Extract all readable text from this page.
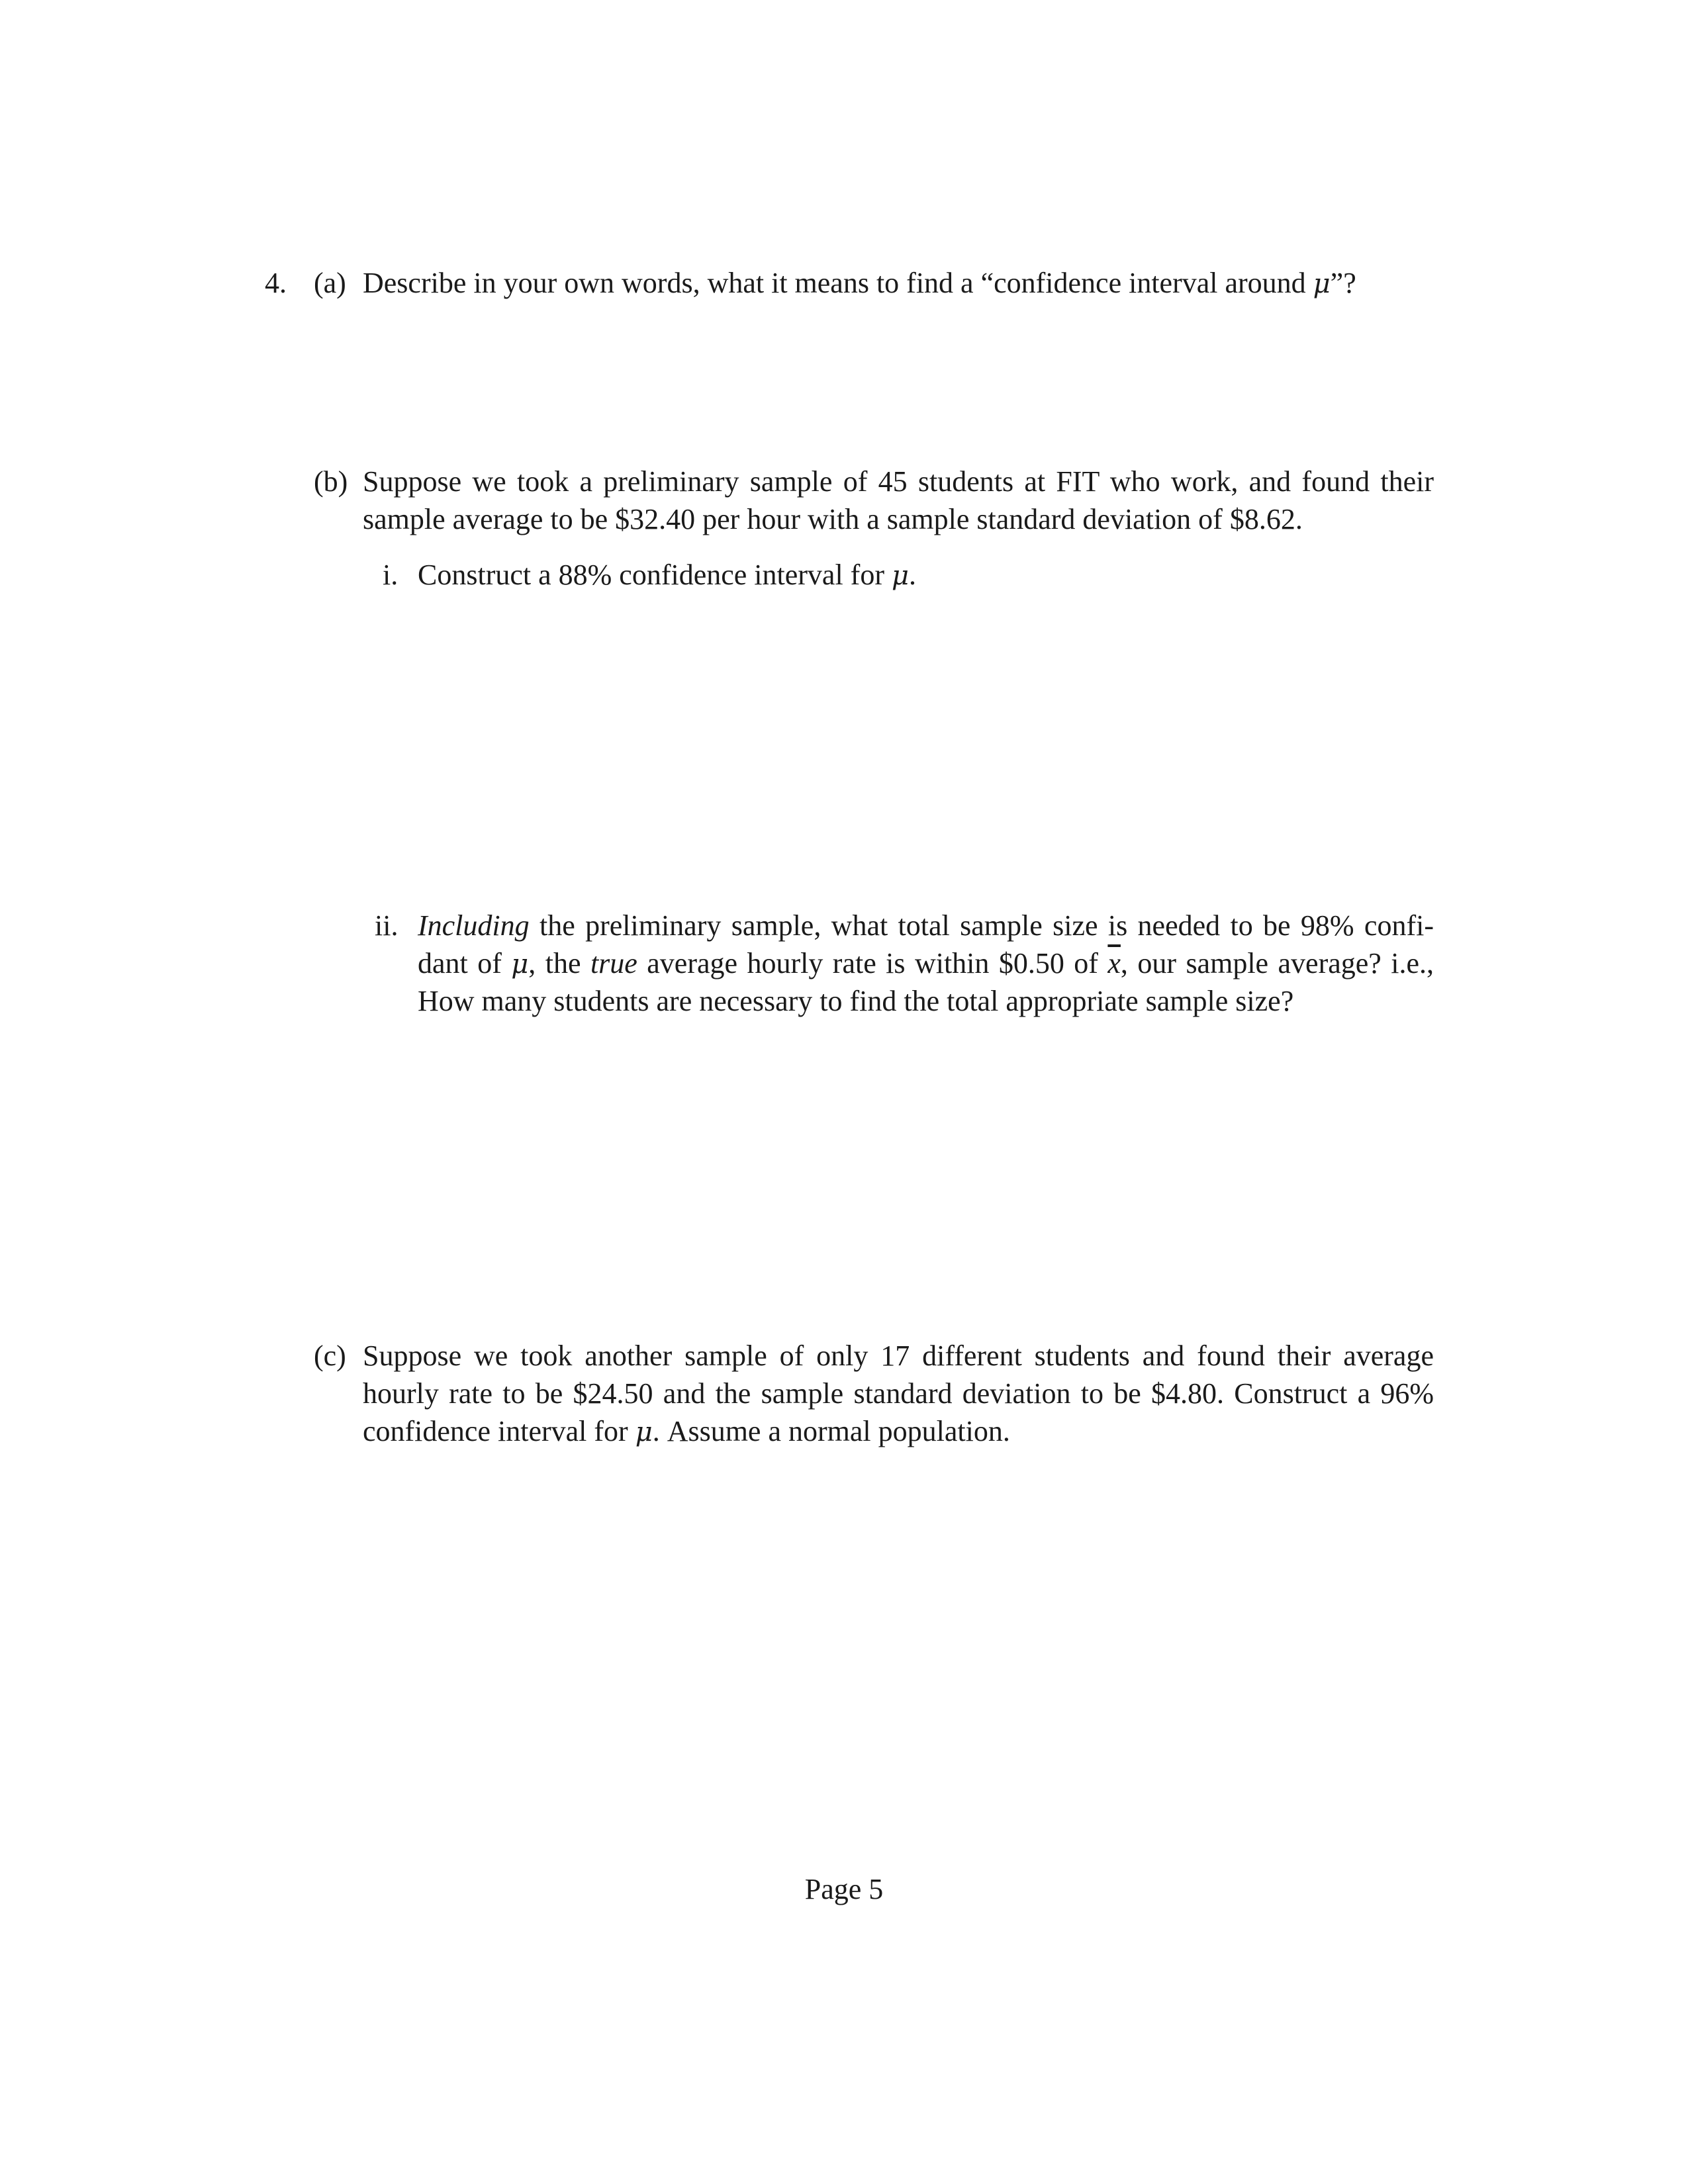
4. (a) Describe in your own words, what it means to find a “confidence interval around μ”?
(b) Suppose we took a preliminary sample of 45 students at FIT who work, and found their
sample average to be $32.40 per hour with a sample standard deviation of $8.62.
i. Construct a 88% confidence interval for μ.
ii. Including the preliminary sample, what total sample size is needed to be 98% confi-
dant of μ, the true average hourly rate is within $0.50 of $\overline{x}$, our sample average? i.e.,
How many students are necessary to find the total appropriate sample size?
(c) Suppose we took another sample of only 17 different students and found their average
hourly rate to be $24.50 and the sample standard deviation to be $4.80. Construct a 96%
confidence interval for μ. Assume a normal population.
Page 5
